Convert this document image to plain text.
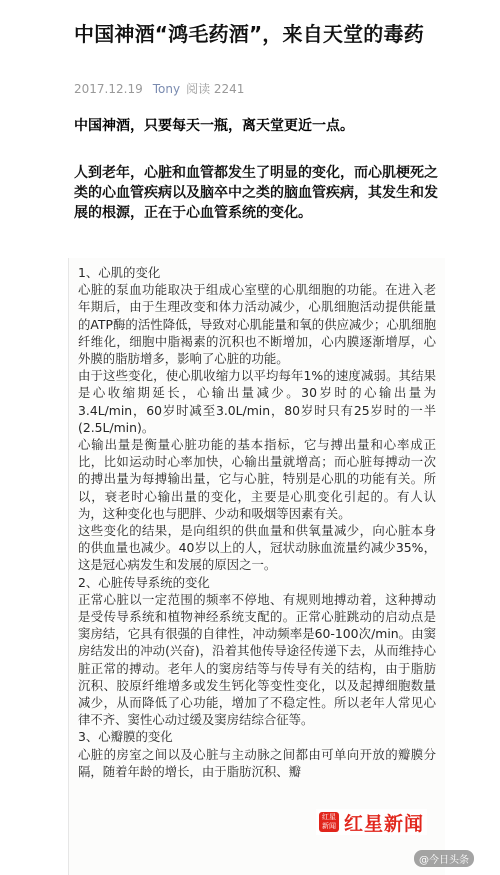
中国神酒“鸿毛药酒”，来自天堂的毒药
2017.12.19 Tony 阅读 2241
中国神酒，只要每天一瓶，离天堂更近一点。
人到老年，心脏和血管都发生了明显的变化，而心肌梗死之类的心血管疾病以及脑卒中之类的脑血管疾病，其发生和发展的根源，正在于心血管系统的变化。

1、心肌的变化

心脏的泵血功能取决于组成心室壁的心肌细胞的功能。在进入老年期后，由于生理改变和体力活动减少，心肌细胞活动提供能量的ATP酶的活性降低，导致对心肌能量和氧的供应减少；心肌细胞纤维化，细胞中脂褐素的沉积也不断增加，心内膜逐渐增厚，心外膜的脂肪增多，影响了心脏的功能。

由于这些变化，使心肌收缩力以平均每年1%的速度减弱。其结果是心收缩期延长，心输出量减少。30岁时的心输出量为3.4L/min，60岁时减至3.0L/min，80岁时只有25岁时的一半(2.5L/min)。

心输出量是衡量心脏功能的基本指标，它与搏出量和心率成正比，比如运动时心率加快，心输出量就增高；而心脏每搏动一次的搏出量为每搏输出量，它与心脏，特别是心肌的功能有关。所以，衰老时心输出量的变化，主要是心肌变化引起的。有人认为，这种变化也与肥胖、少动和吸烟等因素有关。

这些变化的结果，是向组织的供血量和供氧量减少，向心脏本身的供血量也减少。40岁以上的人，冠状动脉血流量约减少35%，这是冠心病发生和发展的原因之一。

2、心脏传导系统的变化

正常心脏以一定范围的频率不停地、有规则地搏动着，这种搏动是受传导系统和植物神经系统支配的。正常心脏跳动的启动点是窦房结，它具有很强的自律性，冲动频率是60-100次/min。由窦房结发出的冲动(兴奋)，沿着其他传导途径传递下去，从而维持心脏正常的搏动。老年人的窦房结等与传导有关的结构，由于脂肪沉积、胶原纤维增多或发生钙化等变性变化，以及起搏细胞数量减少，从而降低了心功能，增加了不稳定性。所以老年人常见心律不齐、窦性心动过缓及窦房结综合征等。

3、心瓣膜的变化

心脏的房室之间以及心脏与主动脉之间都由可单向开放的瓣膜分隔，随着年龄的增长，由于脂肪沉积、瓣

红星
新闻 红星新闻
@今日头条
